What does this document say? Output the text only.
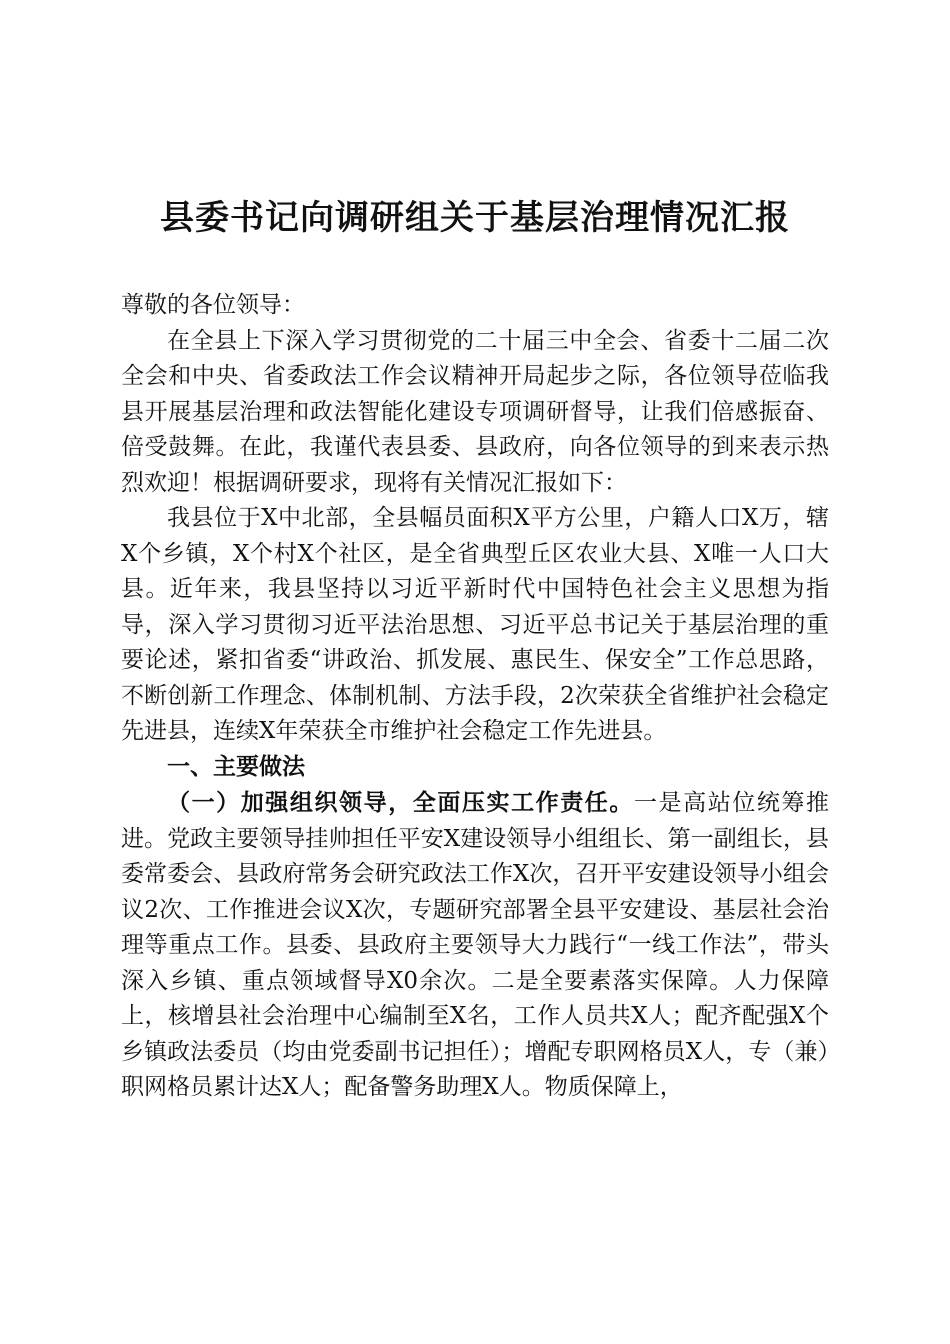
县委书记向调研组关于基层治理情况汇报

尊敬的各位领导：

在全县上下深入学习贯彻党的二十届三中全会、省委十二届二次全会和中央、省委政法工作会议精神开局起步之际，各位领导莅临我县开展基层治理和政法智能化建设专项调研督导，让我们倍感振奋、倍受鼓舞。在此，我谨代表县委、县政府，向各位领导的到来表示热烈欢迎！根据调研要求，现将有关情况汇报如下：

我县位于X中北部，全县幅员面积X平方公里，户籍人口X万，辖X个乡镇，X个村X个社区，是全省典型丘区农业大县、X唯一人口大县。近年来，我县坚持以习近平新时代中国特色社会主义思想为指导，深入学习贯彻习近平法治思想、习近平总书记关于基层治理的重要论述，紧扣省委“讲政治、抓发展、惠民生、保安全”工作总思路，不断创新工作理念、体制机制、方法手段，2次荣获全省维护社会稳定先进县，连续X年荣获全市维护社会稳定工作先进县。

一、主要做法

（一）加强组织领导，全面压实工作责任。一是高站位统筹推进。党政主要领导挂帅担任平安X建设领导小组组长、第一副组长，县委常委会、县政府常务会研究政法工作X次，召开平安建设领导小组会议2次、工作推进会议X次，专题研究部署全县平安建设、基层社会治理等重点工作。县委、县政府主要领导大力践行“一线工作法”，带头深入乡镇、重点领域督导X0余次。二是全要素落实保障。人力保障上，核增县社会治理中心编制至X名，工作人员共X人；配齐配强X个乡镇政法委员（均由党委副书记担任）；增配专职网格员X人，专（兼）职网格员累计达X人；配备警务助理X人。物质保障上，
